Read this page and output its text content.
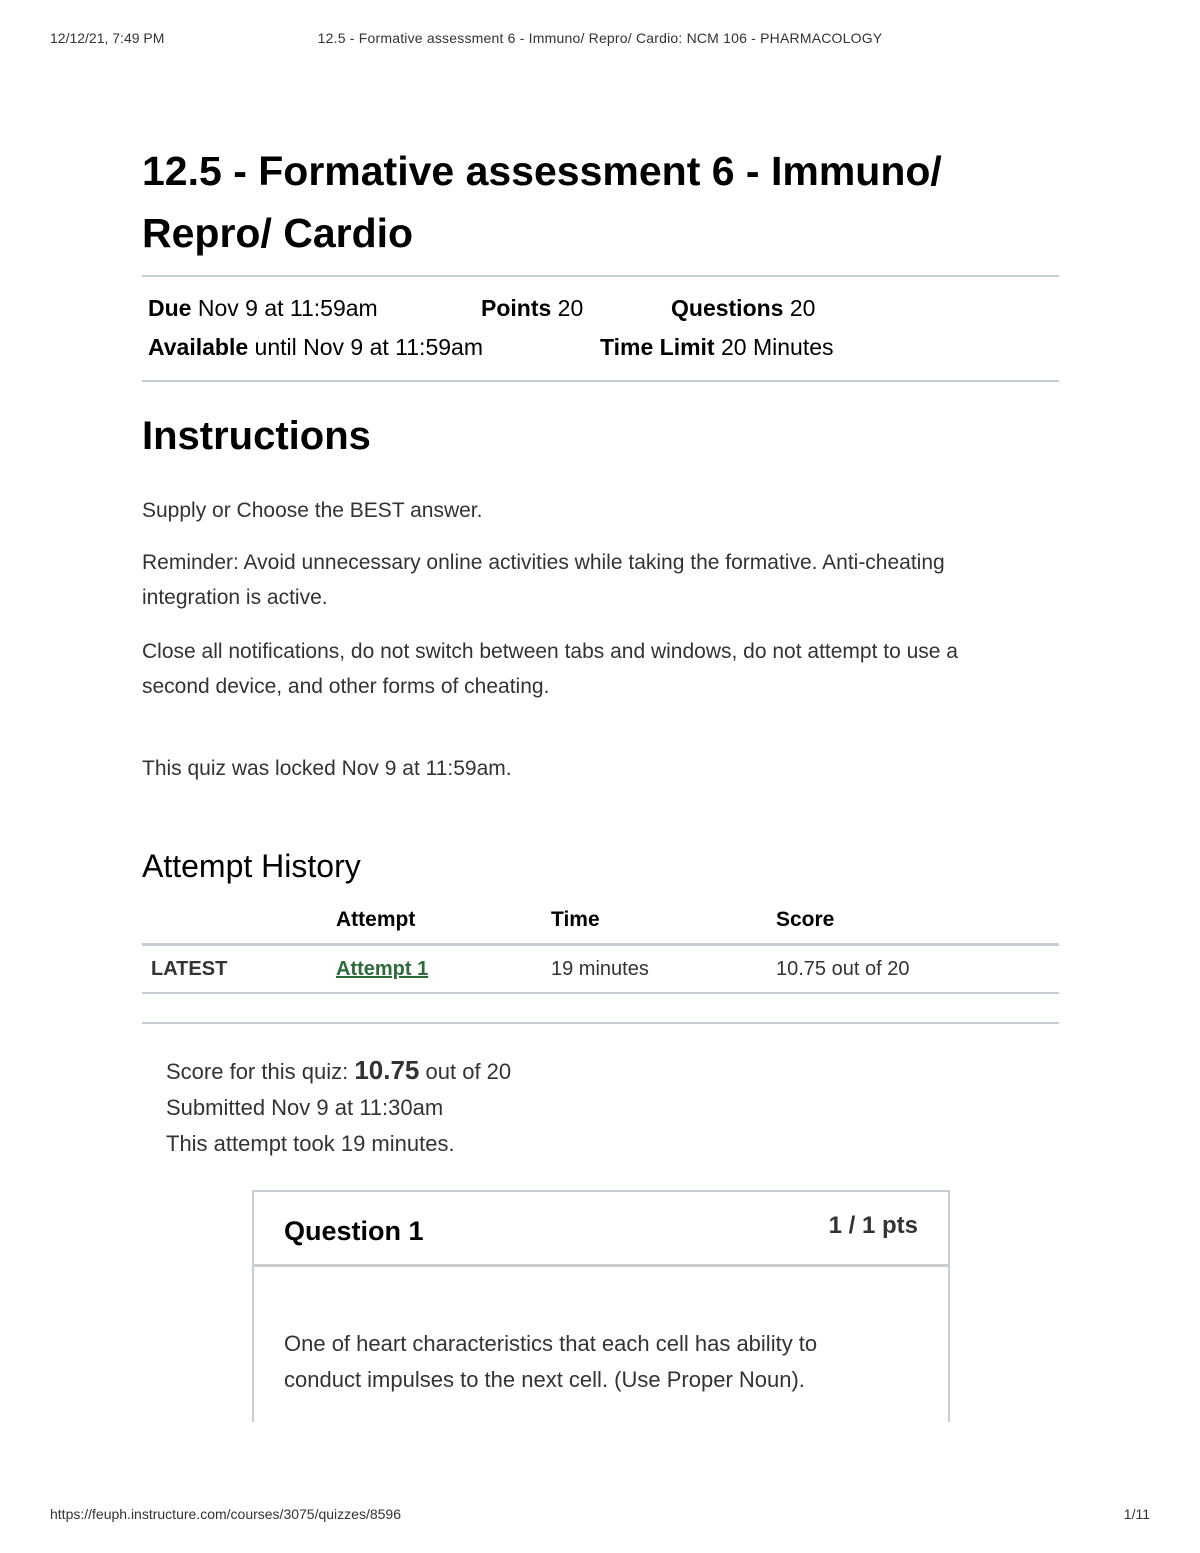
12/12/21, 7:49 PM	12.5 - Formative assessment 6 - Immuno/ Repro/ Cardio: NCM 106 - PHARMACOLOGY
12.5 - Formative assessment 6 - Immuno/
Repro/ Cardio
Due Nov 9 at 11:59am	Points 20	Questions 20
Available until Nov 9 at 11:59am	Time Limit 20 Minutes
Instructions

Supply or Choose the BEST answer.

Reminder: Avoid unnecessary online activities while taking the formative. Anti-cheating
integration is active.

Close all notifications, do not switch between tabs and windows, do not attempt to use a
second device, and other forms of cheating.

This quiz was locked Nov 9 at 11:59am.

Attempt History
	Attempt	Time	Score
LATEST	Attempt 1	19 minutes	10.75 out of 20
Score for this quiz: 10.75 out of 20
Submitted Nov 9 at 11:30am
This attempt took 19 minutes.
Question 1	1 / 1 pts
One of heart characteristics that each cell has ability to
conduct impulses to the next cell. (Use Proper Noun).
https://feuph.instructure.com/courses/3075/quizzes/8596	1/11
